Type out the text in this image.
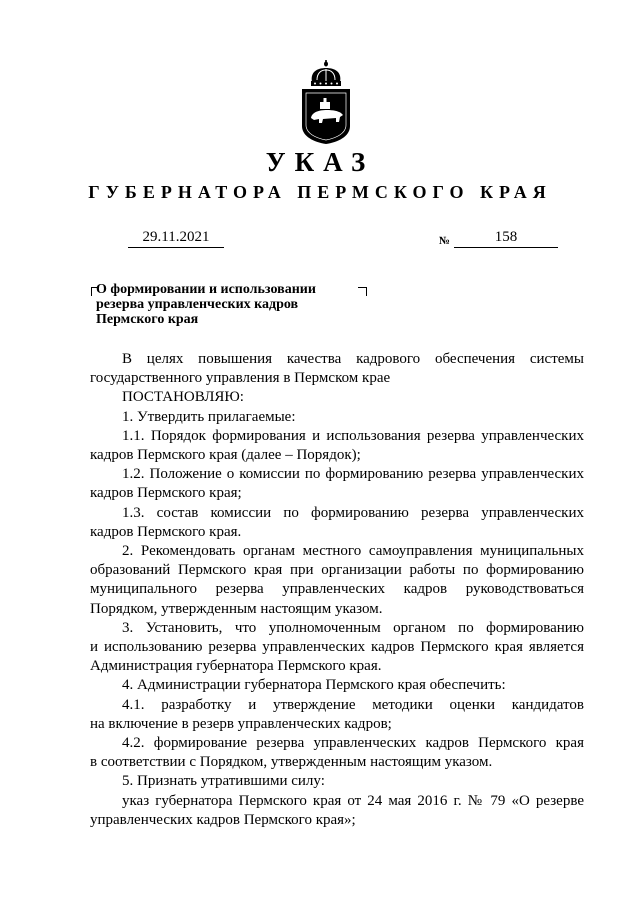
УКАЗ
ГУБЕРНАТОРА ПЕРМСКОГО КРАЯ
29.11.2021	№	158
О формировании и использовании
резерва управленческих кадров
Пермского края

В целях повышения качества кадрового обеспечения системы

государственного управления в Пермском крае

ПОСТАНОВЛЯЮ:

1. Утвердить прилагаемые:

1.1. Порядок формирования и использования резерва управленческих

кадров Пермского края (далее – Порядок);

1.2. Положение о комиссии по формированию резерва управленческих

кадров Пермского края;

1.3. состав комиссии по формированию резерва управленческих

кадров Пермского края.

2. Рекомендовать органам местного самоуправления муниципальных

образований Пермского края при организации работы по формированию

муниципального резерва управленческих кадров руководствоваться

Порядком, утвержденным настоящим указом.

3. Установить, что уполномоченным органом по формированию

и использованию резерва управленческих кадров Пермского края является

Администрация губернатора Пермского края.

4. Администрации губернатора Пермского края обеспечить:

4.1. разработку и утверждение методики оценки кандидатов

на включение в резерв управленческих кадров;

4.2. формирование резерва управленческих кадров Пермского края

в соответствии с Порядком, утвержденным настоящим указом.

5. Признать утратившими силу:

указ губернатора Пермского края от 24 мая 2016 г. № 79 «О резерве

управленческих кадров Пермского края»;
